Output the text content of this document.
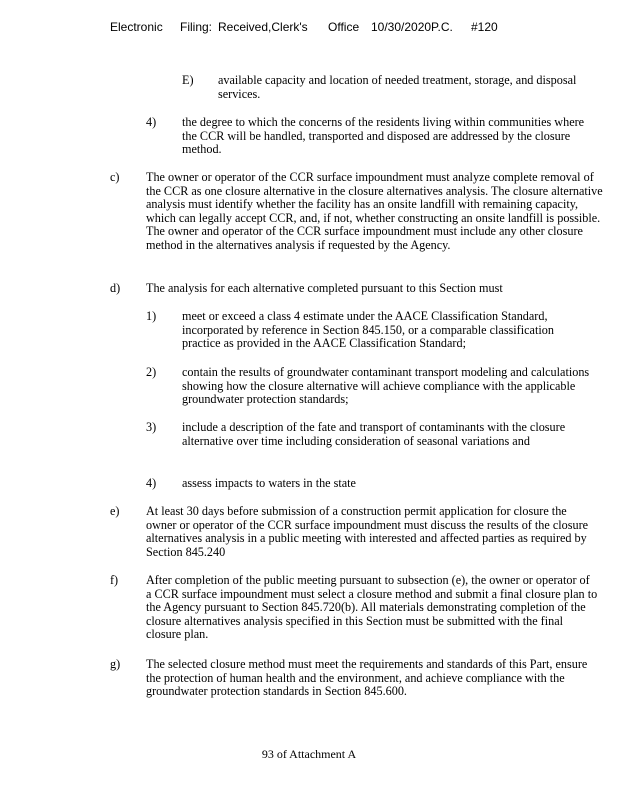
Electronic Filing: Received,Clerk's Office 10/30/2020P.C. #120
E) available capacity and location of needed treatment, storage, and disposal services.
4) the degree to which the concerns of the residents living within communities where the CCR will be handled, transported and disposed are addressed by the closure method.
c) The owner or operator of the CCR surface impoundment must analyze complete removal of the CCR as one closure alternative in the closure alternatives analysis. The closure alternative analysis must identify whether the facility has an onsite landfill with remaining capacity, which can legally accept CCR, and, if not, whether constructing an onsite landfill is possible. The owner and operator of the CCR surface impoundment must include any other closure method in the alternatives analysis if requested by the Agency.
d) The analysis for each alternative completed pursuant to this Section must
1) meet or exceed a class 4 estimate under the AACE Classification Standard, incorporated by reference in Section 845.150, or a comparable classification practice as provided in the AACE Classification Standard;
2) contain the results of groundwater contaminant transport modeling and calculations showing how the closure alternative will achieve compliance with the applicable groundwater protection standards;
3) include a description of the fate and transport of contaminants with the closure alternative over time including consideration of seasonal variations and
4) assess impacts to waters in the state
e) At least 30 days before submission of a construction permit application for closure the owner or operator of the CCR surface impoundment must discuss the results of the closure alternatives analysis in a public meeting with interested and affected parties as required by Section 845.240
f) After completion of the public meeting pursuant to subsection (e), the owner or operator of a CCR surface impoundment must select a closure method and submit a final closure plan to the Agency pursuant to Section 845.720(b). All materials demonstrating completion of the closure alternatives analysis specified in this Section must be submitted with the final closure plan.
g) The selected closure method must meet the requirements and standards of this Part, ensure the protection of human health and the environment, and achieve compliance with the groundwater protection standards in Section 845.600.
93 of Attachment A
